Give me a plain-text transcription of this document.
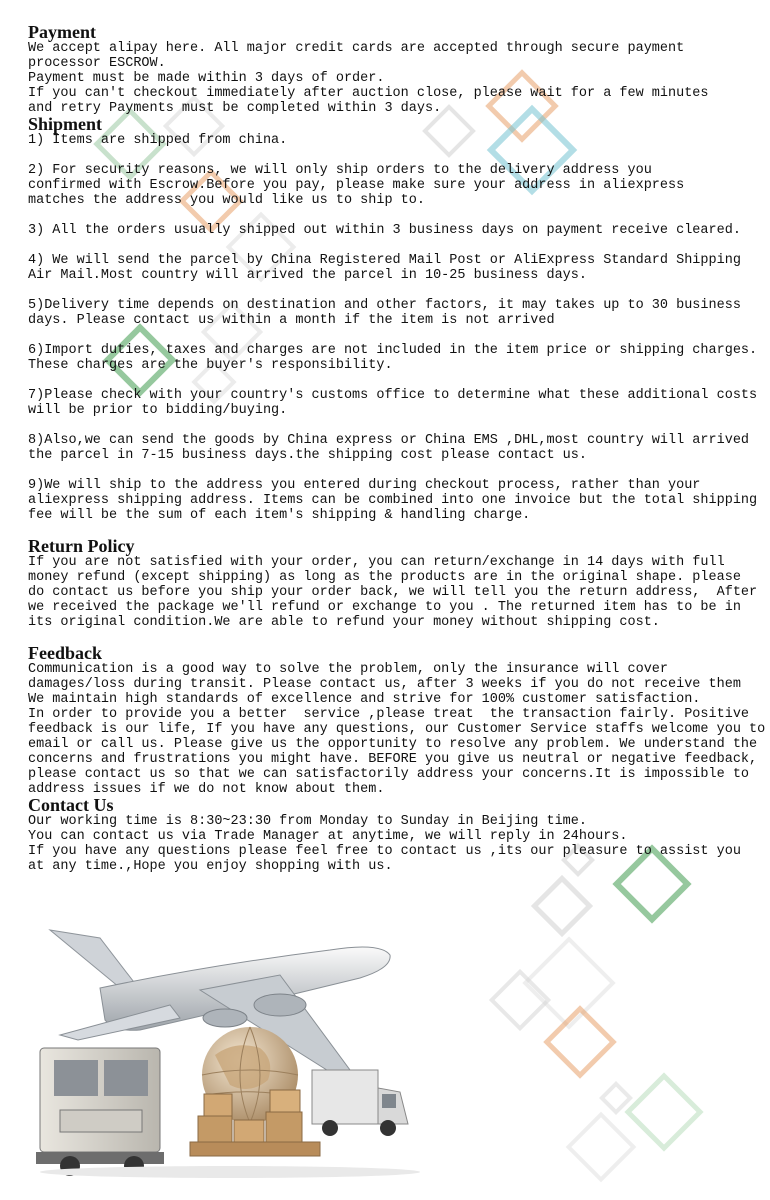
Payment
We accept alipay here. All major credit cards are accepted through secure payment
processor ESCROW.
Payment must be made within 3 days of order.
If you can't checkout immediately after auction close, please wait for a few minutes
and retry Payments must be completed within 3 days.
Shipment
1) Items are shipped from china.
2) For security reasons, we will only ship orders to the delivery address you
confirmed with Escrow.Before you pay, please make sure your address in aliexpress
matches the address you would like us to ship to.
3) All the orders usually shipped out within 3 business days on payment receive cleared.
4) We will send the parcel by China Registered Mail Post or AliExpress Standard Shipping
Air Mail.Most country will arrived the parcel in 10-25 business days.
5)Delivery time depends on destination and other factors, it may takes up to 30 business
days. Please contact us within a month if the item is not arrived
6)Import duties, taxes and charges are not included in the item price or shipping charges.
These charges are the buyer's responsibility.
7)Please check with your country's customs office to determine what these additional costs
will be prior to bidding/buying.
8)Also,we can send the goods by China express or China EMS ,DHL,most country will arrived
the parcel in 7-15 business days.the shipping cost please contact us.
9)We will ship to the address you entered during checkout process, rather than your
aliexpress shipping address. Items can be combined into one invoice but the total shipping
fee will be the sum of each item's shipping & handling charge.
Return Policy
If you are not satisfied with your order, you can return/exchange in 14 days with full
money refund (except shipping) as long as the products are in the original shape. please
do contact us before you ship your order back, we will tell you the return address,  After
we received the package we'll refund or exchange to you . The returned item has to be in
its original condition.We are able to refund your money without shipping cost.
Feedback
Communication is a good way to solve the problem, only the insurance will cover
damages/loss during transit. Please contact us, after 3 weeks if you do not receive them
We maintain high standards of excellence and strive for 100% customer satisfaction.
In order to provide you a better  service ,please treat  the transaction fairly. Positive
feedback is our life, If you have any questions, our Customer Service staffs welcome you to
email or call us. Please give us the opportunity to resolve any problem. We understand the
concerns and frustrations you might have. BEFORE you give us neutral or negative feedback,
please contact us so that we can satisfactorily address your concerns.It is impossible to
address issues if we do not know about them.
Contact Us
Our working time is 8:30~23:30 from Monday to Sunday in Beijing time.
You can contact us via Trade Manager at anytime, we will reply in 24hours.
If you have any questions please feel free to contact us ,its our pleasure to assist you
at any time.,Hope you enjoy shopping with us.
